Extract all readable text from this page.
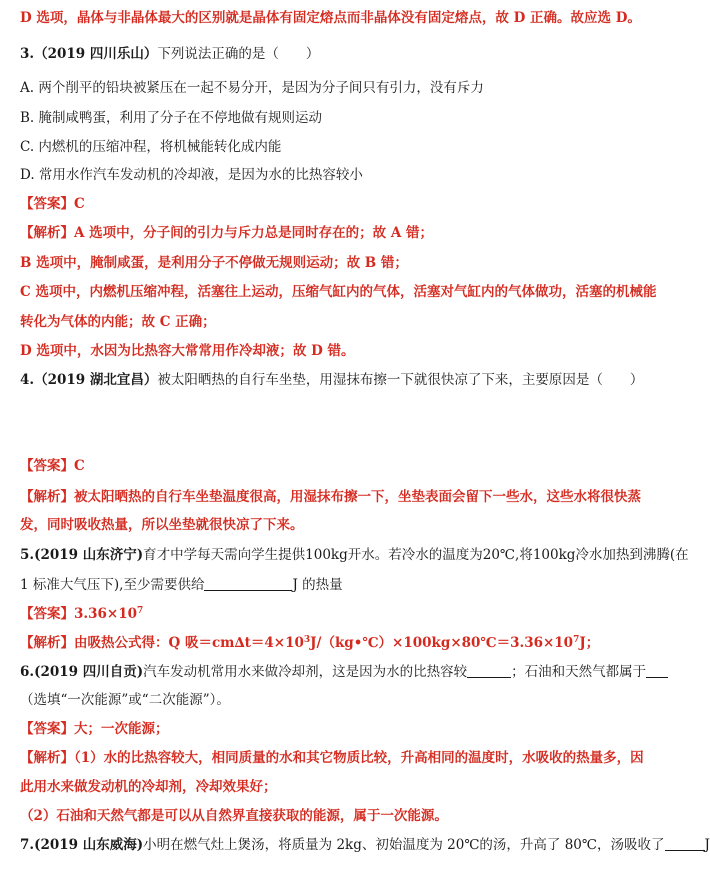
D 选项，晶体与非晶体最大的区别就是晶体有固定熔点而非晶体没有固定熔点，故 D 正确。故应选 D。
3.（2019 四川乐山）下列说法正确的是（　　）
A. 两个削平的铅块被紧压在一起不易分开，是因为分子间只有引力，没有斥力
B. 腌制咸鸭蛋，利用了分子在不停地做有规则运动
C. 内燃机的压缩冲程，将机械能转化成内能
D. 常用水作汽车发动机的冷却液，是因为水的比热容较小
【答案】C
【解析】A 选项中，分子间的引力与斥力总是同时存在的；故 A 错；
B 选项中，腌制咸蛋，是利用分子不停做无规则运动；故 B 错；
C 选项中，内燃机压缩冲程，活塞往上运动，压缩气缸内的气体，活塞对气缸内的气体做功，活塞的机械能
转化为气体的内能；故 C 正确；
D 选项中，水因为比热容大常常用作冷却液；故 D 错。
4.（2019 湖北宜昌）被太阳晒热的自行车坐垫，用湿抹布擦一下就很快凉了下来，主要原因是（　　）
【答案】C
【解析】被太阳晒热的自行车坐垫温度很高，用湿抹布擦一下，坐垫表面会留下一些水，这些水将很快蒸
发，同时吸收热量，所以坐垫就很快凉了下来。
5.(2019 山东济宁)育才中学每天需向学生提供100kg开水。若冷水的温度为20℃,将100kg冷水加热到沸腾(在
1 标准大气压下),至少需要供给	J 的热量
【答案】$3.36\times 10^7$
【解析】由吸热公式得：Q 吸$=cm\Delta t=4\times 10^3J/(kg•℃)\times 100kg\times 80℃=3.36\times 10^7J$；
6.(2019 四川自贡)汽车发动机常用水来做冷却剂，这是因为水的比热容较	；石油和天然气都属于
（选填“一次能源”或“二次能源”）。
【答案】大；一次能源；
【解析】（1）水的比热容较大，相同质量的水和其它物质比较，升高相同的温度时，水吸收的热量多，因
此用水来做发动机的冷却剂，冷却效果好；
（2）石油和天然气都是可以从自然界直接获取的能源，属于一次能源。
7.(2019 山东威海)小明在燃气灶上煲汤，将质量为 2kg、初始温度为 20℃的汤，升高了 80℃，汤吸收了	J
